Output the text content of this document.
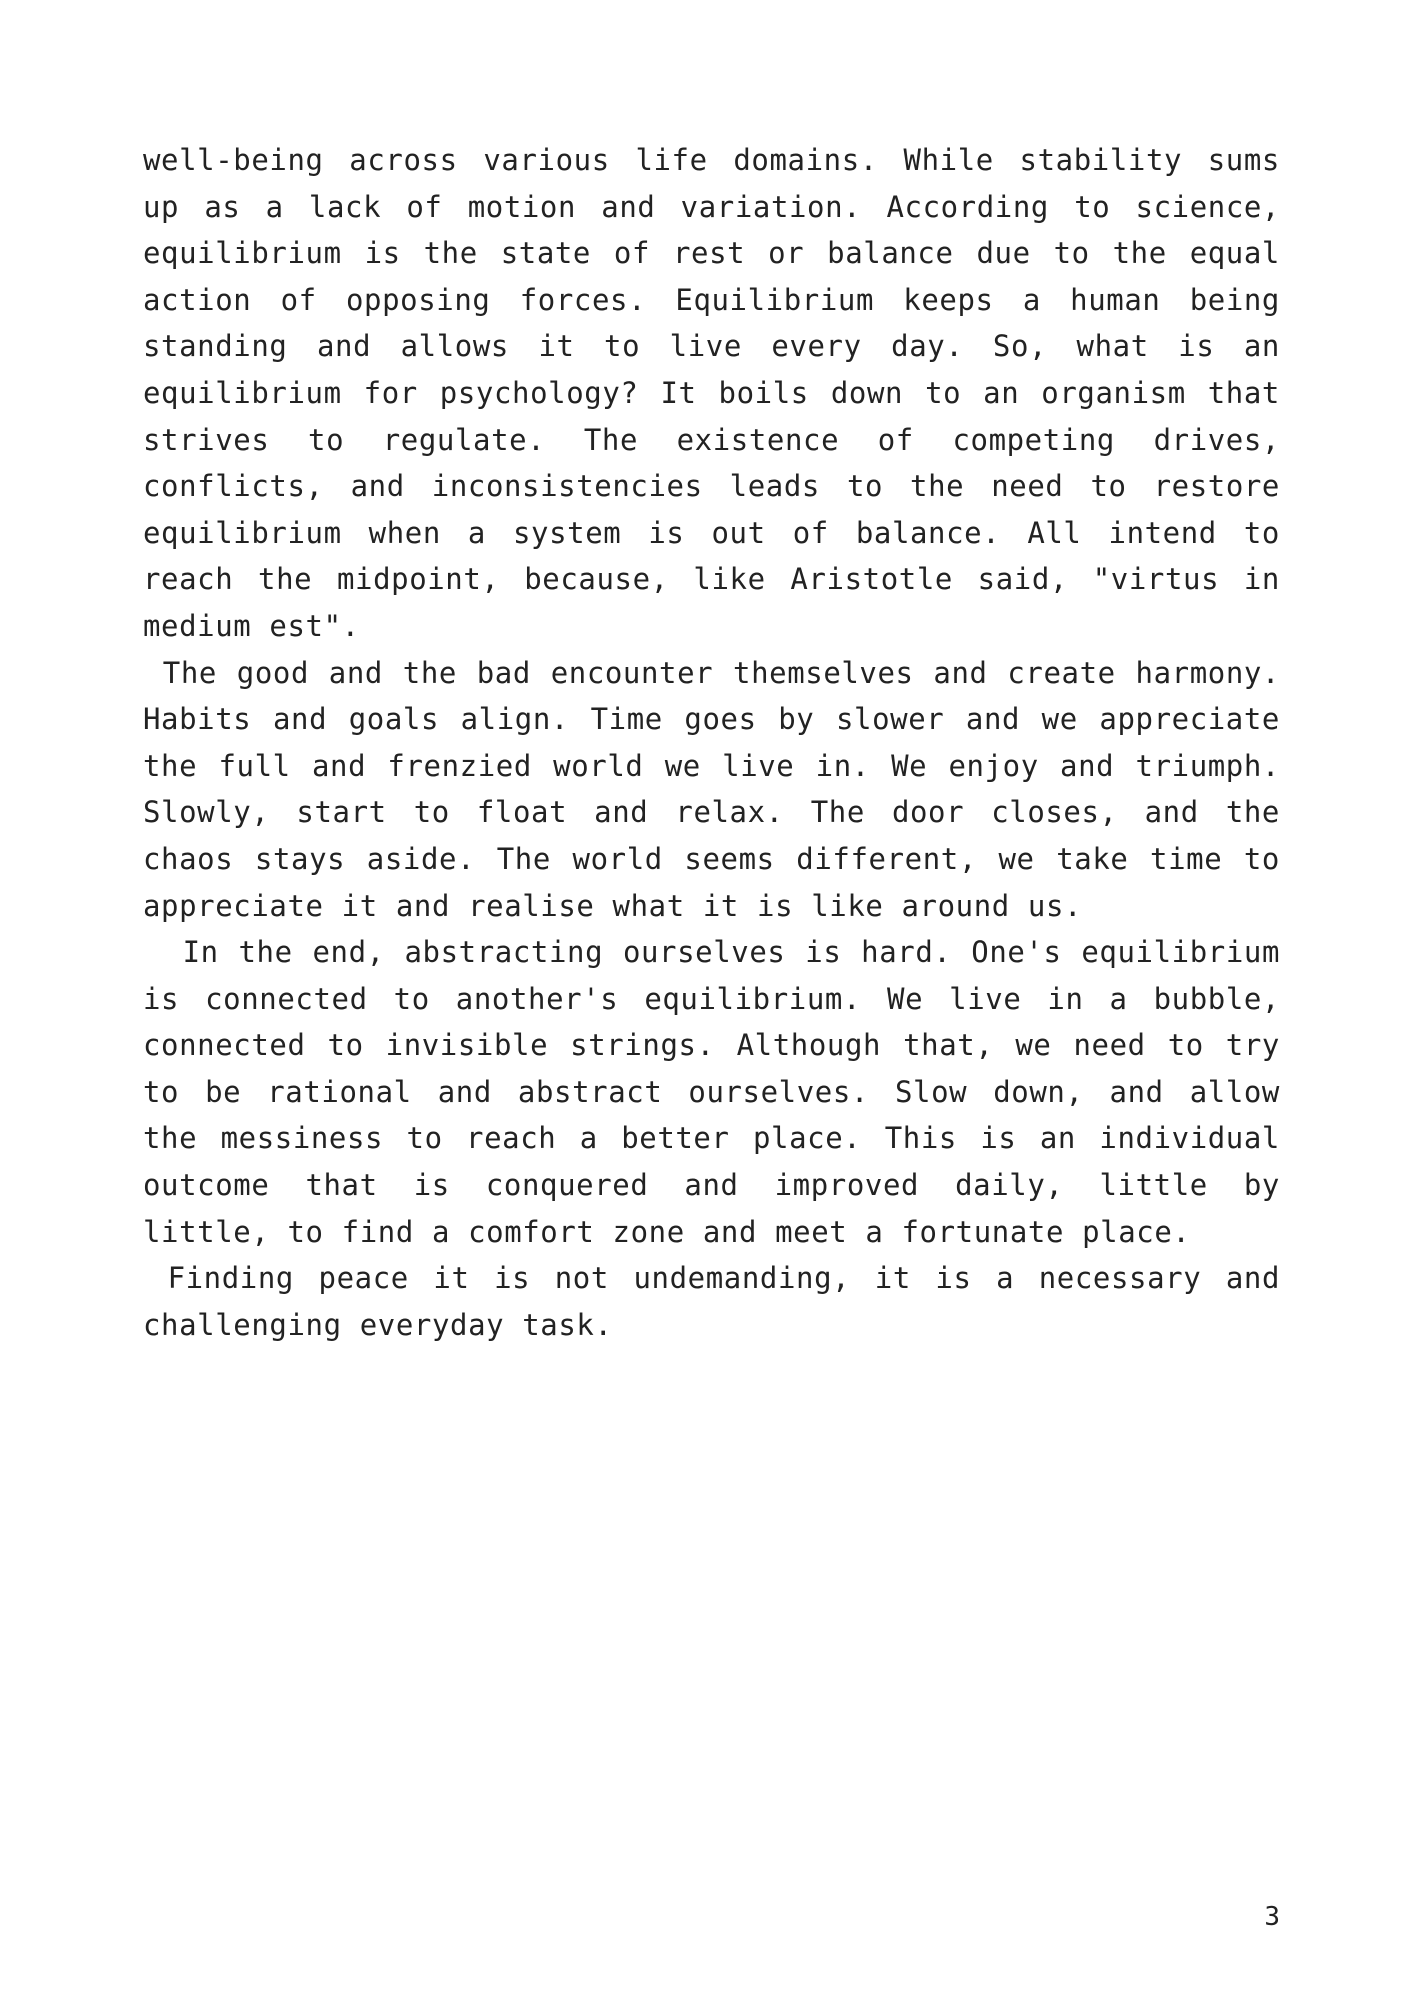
well-being across various life domains. While stability sums up as a lack of motion and variation. According to science, equilibrium is the state of rest or balance due to the equal action of opposing forces. Equilibrium keeps a human being standing and allows it to live every day. So, what is an equilibrium for psychology? It boils down to an organism that strives to regulate. The existence of competing drives, conflicts, and inconsistencies leads to the need to restore equilibrium when a system is out of balance. All intend to reach the midpoint, because, like Aristotle said, "virtus in medium est".

The good and the bad encounter themselves and create harmony. Habits and goals align. Time goes by slower and we appreciate the full and frenzied world we live in. We enjoy and triumph. Slowly, start to float and relax. The door closes, and the chaos stays aside. The world seems different, we take time to appreciate it and realise what it is like around us.

In the end, abstracting ourselves is hard. One's equilibrium is connected to another's equilibrium. We live in a bubble, connected to invisible strings. Although that, we need to try to be rational and abstract ourselves. Slow down, and allow the messiness to reach a better place. This is an individual outcome that is conquered and improved daily, little by little, to find a comfort zone and meet a fortunate place.

Finding peace it is not undemanding, it is a necessary and challenging everyday task.

3
